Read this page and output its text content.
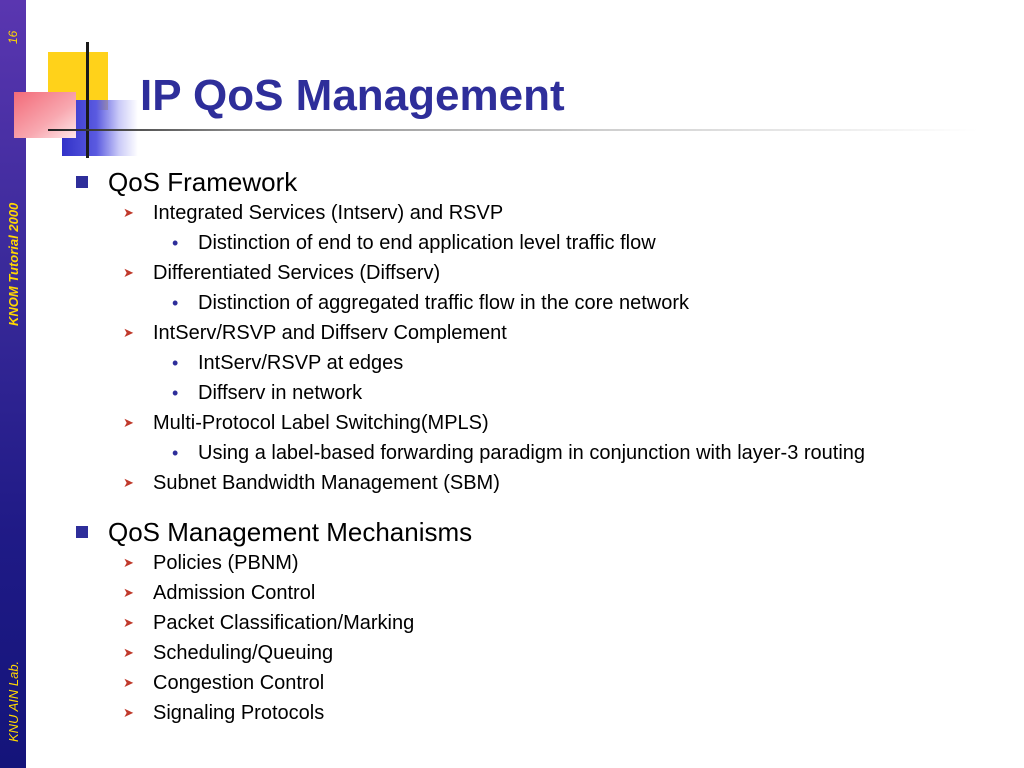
16
KNOM Tutorial 2000
KNU AIN Lab.
IP QoS Management
QoS Framework
➤ Integrated Services (Intserv) and RSVP
• Distinction of end to end application level traffic flow
➤ Differentiated Services (Diffserv)
• Distinction of aggregated traffic flow in the core network
➤ IntServ/RSVP and Diffserv Complement
• IntServ/RSVP at edges
• Diffserv in network
➤ Multi-Protocol Label Switching(MPLS)
• Using a label-based forwarding paradigm in conjunction with layer-3 routing
➤ Subnet Bandwidth Management (SBM)
QoS Management Mechanisms
➤ Policies (PBNM)
➤ Admission Control
➤ Packet Classification/Marking
➤ Scheduling/Queuing
➤ Congestion Control
➤ Signaling Protocols
